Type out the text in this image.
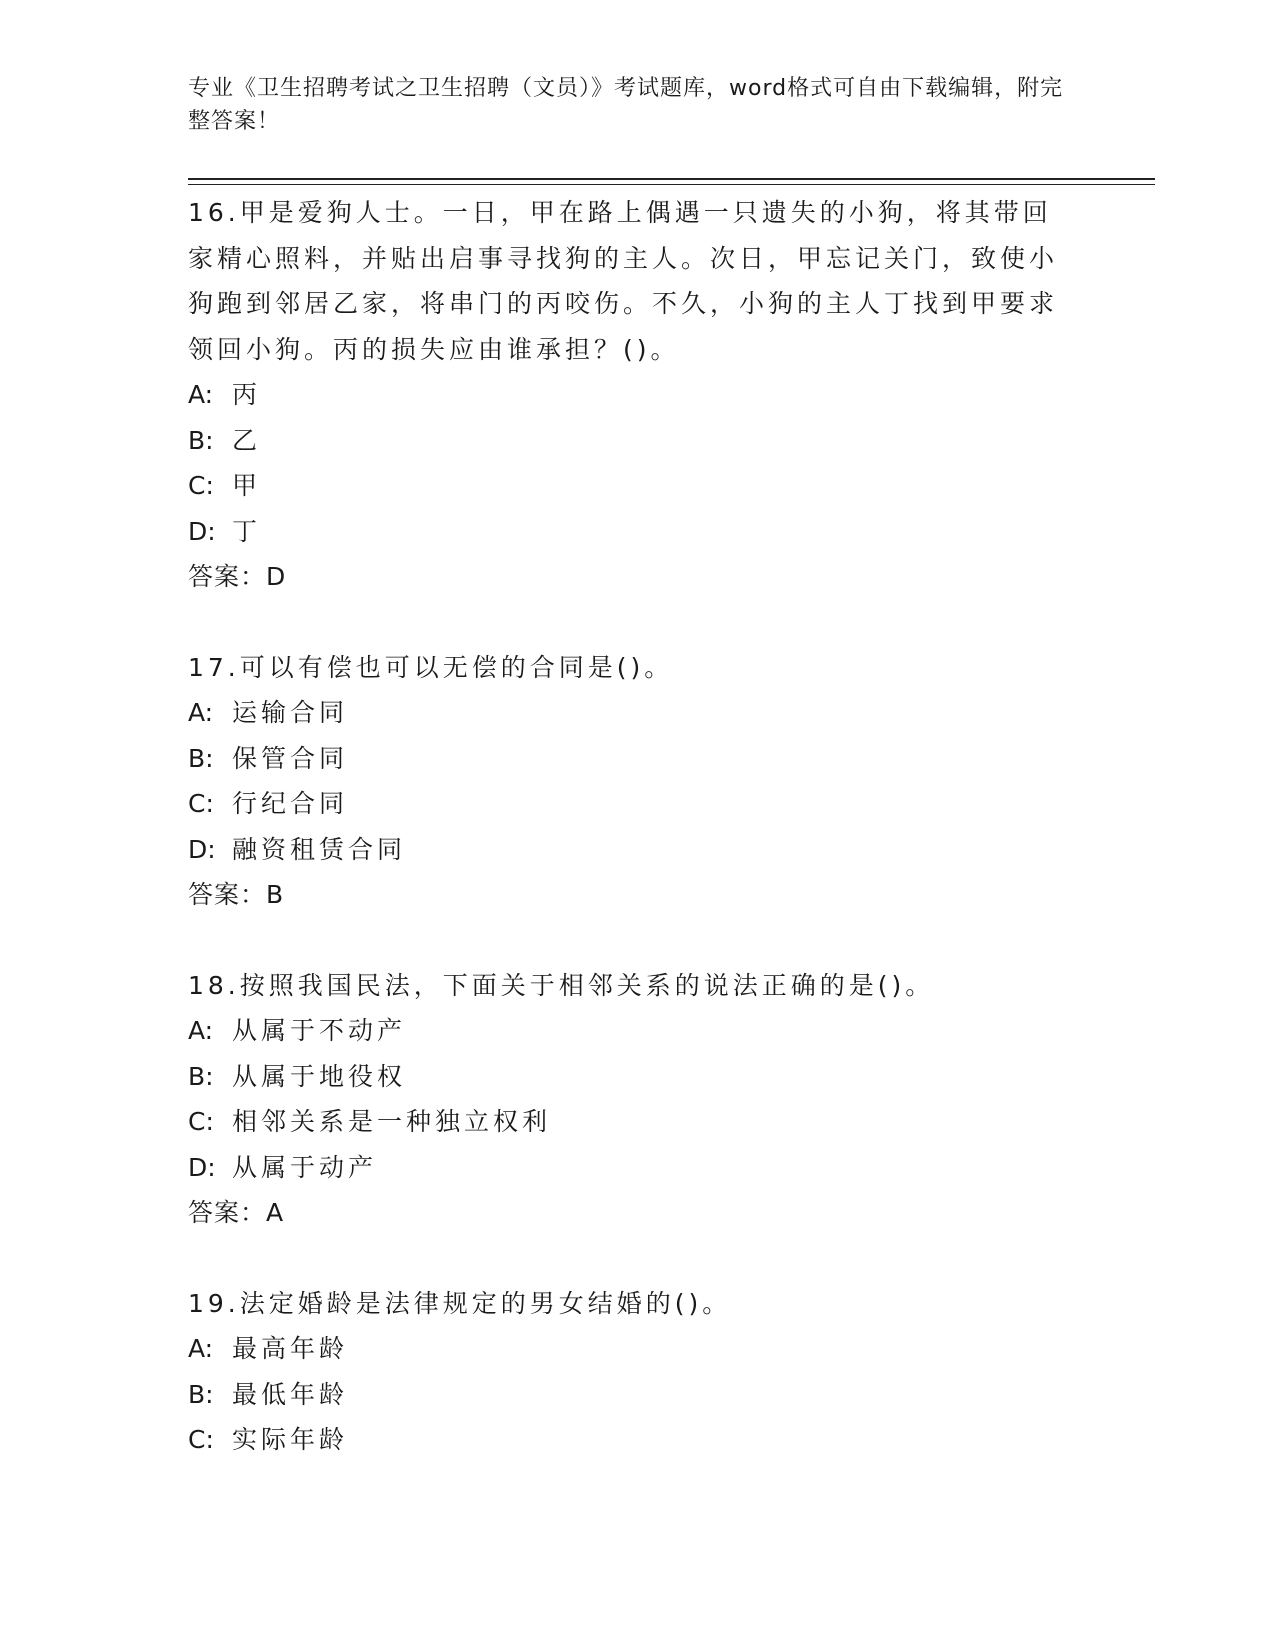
专业《卫生招聘考试之卫生招聘（文员）》考试题库，word格式可自由下载编辑，附完整答案！
16.甲是爱狗人士。一日，甲在路上偶遇一只遗失的小狗，将其带回家精心照料，并贴出启事寻找狗的主人。次日，甲忘记关门，致使小狗跑到邻居乙家，将串门的丙咬伤。不久，小狗的主人丁找到甲要求领回小狗。丙的损失应由谁承担？()。
A: 丙
B: 乙
C: 甲
D: 丁
答案：D
17.可以有偿也可以无偿的合同是()。
A: 运输合同
B: 保管合同
C: 行纪合同
D: 融资租赁合同
答案：B
18.按照我国民法，下面关于相邻关系的说法正确的是()。
A: 从属于不动产
B: 从属于地役权
C: 相邻关系是一种独立权利
D: 从属于动产
答案：A
19.法定婚龄是法律规定的男女结婚的()。
A: 最高年龄
B: 最低年龄
C: 实际年龄
